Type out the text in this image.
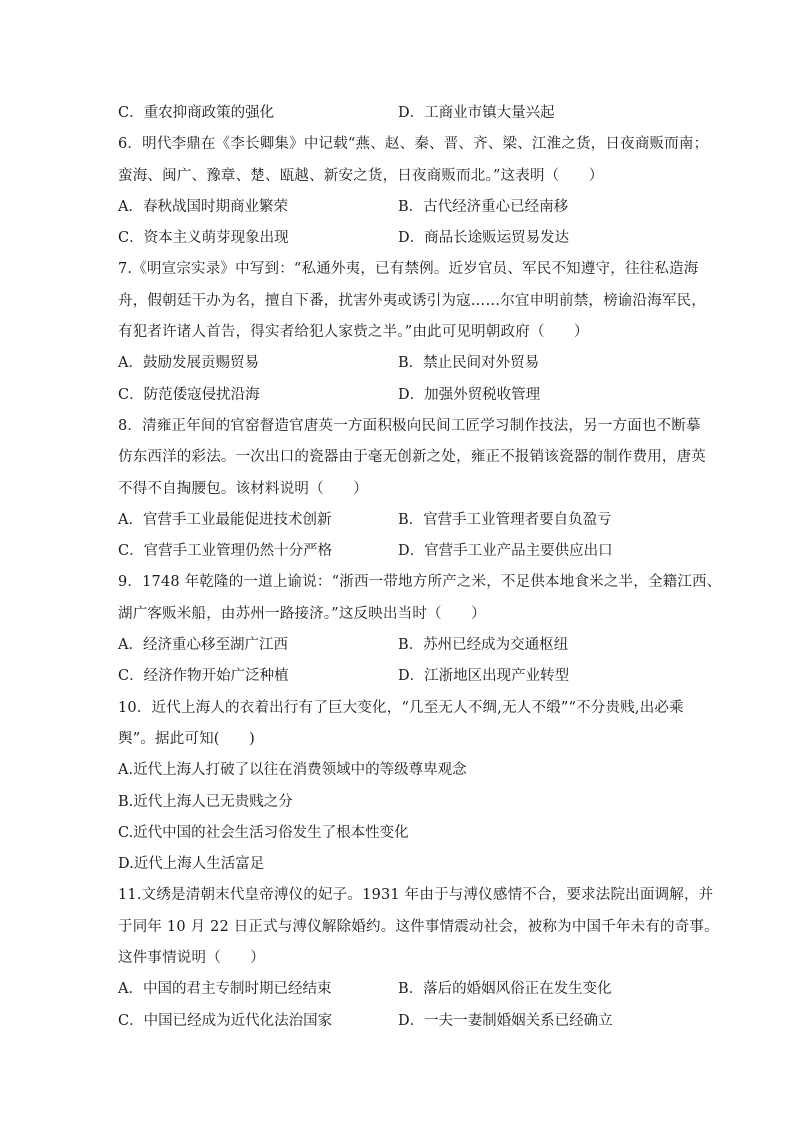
C．重农抑商政策的强化	D．工商业市镇大量兴起
6．明代李鼎在《李长卿集》中记载“燕、赵、秦、晋、齐、梁、江淮之货，日夜商贩而南；
蛮海、闽广、豫章、楚、瓯越、新安之货，日夜商贩而北。”这表明（　　）
A．春秋战国时期商业繁荣	B．古代经济重心已经南移
C．资本主义萌芽现象出现	D．商品长途贩运贸易发达
7.《明宣宗实录》中写到：“私通外夷，已有禁例。近岁官员、军民不知遵守，往往私造海
舟，假朝廷干办为名，擅自下番，扰害外夷或诱引为寇……尔宜申明前禁，榜谕沿海军民，
有犯者许诸人首告，得实者给犯人家赀之半。”由此可见明朝政府（　　）
A．鼓励发展贡赐贸易	B．禁止民间对外贸易
C．防范倭寇侵扰沿海	D．加强外贸税收管理
8．清雍正年间的官窑督造官唐英一方面积极向民间工匠学习制作技法，另一方面也不断摹
仿东西洋的彩法。一次出口的瓷器由于毫无创新之处，雍正不报销该瓷器的制作费用，唐英
不得不自掏腰包。该材料说明（　　）
A．官营手工业最能促进技术创新	B．官营手工业管理者要自负盈亏
C．官营手工业管理仍然十分严格	D．官营手工业产品主要供应出口
9．1748 年乾隆的一道上谕说：“浙西一带地方所产之米，不足供本地食米之半，全籍江西、
湖广客贩米船，由苏州一路接济。”这反映出当时（　　）
A．经济重心移至湖广江西	B．苏州已经成为交通枢纽
C．经济作物开始广泛种植	D．江浙地区出现产业转型
10．近代上海人的衣着出行有了巨大变化，“几至无人不绸,无人不缎”“不分贵贱,出必乘
舆”。据此可知(　　)
A.近代上海人打破了以往在消费领域中的等级尊卑观念
B.近代上海人已无贵贱之分
C.近代中国的社会生活习俗发生了根本性变化
D.近代上海人生活富足
11.文绣是清朝末代皇帝溥仪的妃子。1931 年由于与溥仪感情不合，要求法院出面调解，并
于同年 10 月 22 日正式与溥仪解除婚约。这件事情震动社会，被称为中国千年未有的奇事。
这件事情说明（　　）
A．中国的君主专制时期已经结束	B．落后的婚姻风俗正在发生变化
C．中国已经成为近代化法治国家	D．一夫一妻制婚姻关系已经确立
